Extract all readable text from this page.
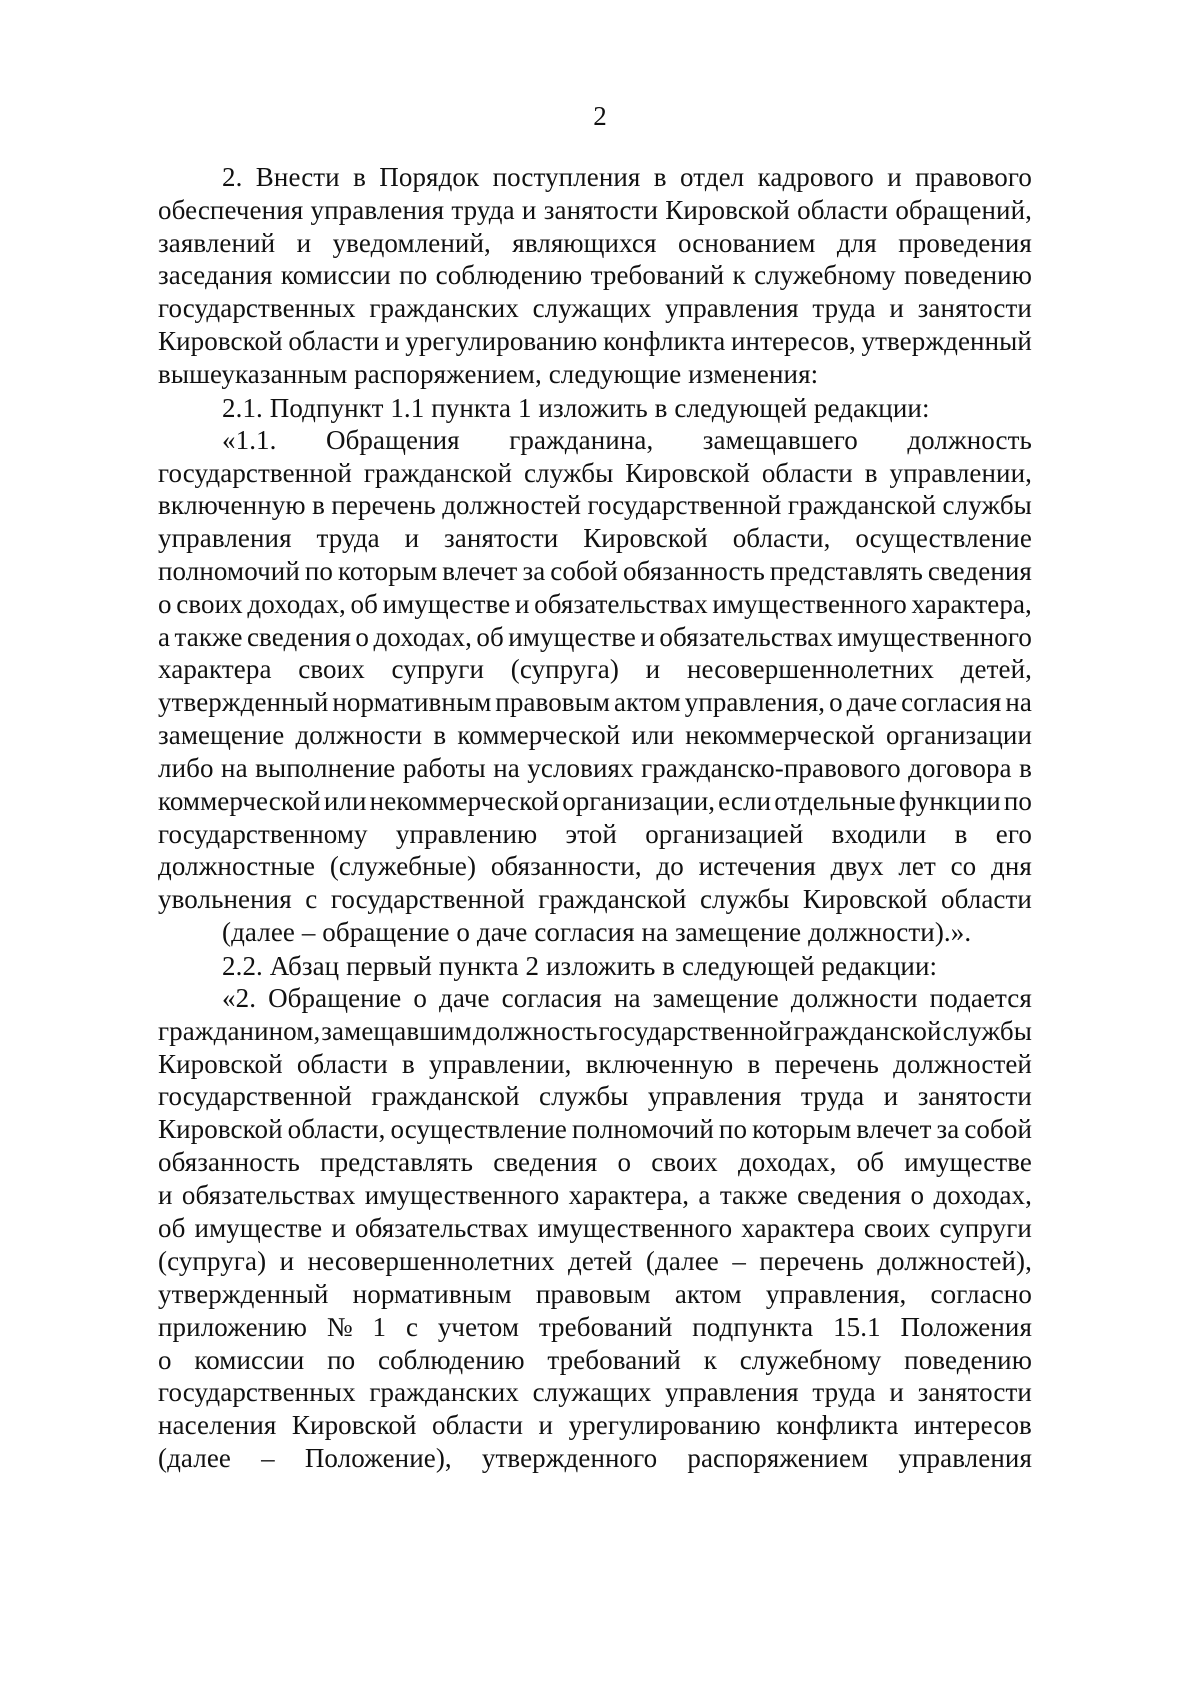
2
2. Внести в Порядок поступления в отдел кадрового и правового
обеспечения управления труда и занятости Кировской области обращений,
заявлений и уведомлений, являющихся основанием для проведения
заседания комиссии по соблюдению требований к служебному поведению
государственных гражданских служащих управления труда и занятости
Кировской области и урегулированию конфликта интересов, утвержденный
вышеуказанным распоряжением, следующие изменения:
2.1. Подпункт 1.1 пункта 1 изложить в следующей редакции:
«1.1. Обращения гражданина, замещавшего должность
государственной гражданской службы Кировской области в управлении,
включенную в перечень должностей государственной гражданской службы
управления труда и занятости Кировской области, осуществление
полномочий по которым влечет за собой обязанность представлять сведения
о своих доходах, об имуществе и обязательствах имущественного характера,
а также сведения о доходах, об имуществе и обязательствах имущественного
характера своих супруги (супруга) и несовершеннолетних детей,
утвержденный нормативным правовым актом управления, о даче согласия на
замещение должности в коммерческой или некоммерческой организации
либо на выполнение работы на условиях гражданско-правового договора в
коммерческой или некоммерческой организации, если отдельные функции по
государственному управлению этой организацией входили в его
должностные (служебные) обязанности, до истечения двух лет со дня
увольнения с государственной гражданской службы Кировской области
(далее – обращение о даче согласия на замещение должности).».
2.2. Абзац первый пункта 2 изложить в следующей редакции:
«2. Обращение о даче согласия на замещение должности подается
гражданином, замещавшим должность государственной гражданской службы
Кировской области в управлении, включенную в перечень должностей
государственной гражданской службы управления труда и занятости
Кировской области, осуществление полномочий по которым влечет за собой
обязанность представлять сведения о своих доходах, об имуществе
и обязательствах имущественного характера, а также сведения о доходах,
об имуществе и обязательствах имущественного характера своих супруги
(супруга) и несовершеннолетних детей (далее – перечень должностей),
утвержденный нормативным правовым актом управления, согласно
приложению № 1 с учетом требований подпункта 15.1 Положения
о комиссии по соблюдению требований к служебному поведению
государственных гражданских служащих управления труда и занятости
населения Кировской области и урегулированию конфликта интересов
(далее – Положение), утвержденного распоряжением управления
